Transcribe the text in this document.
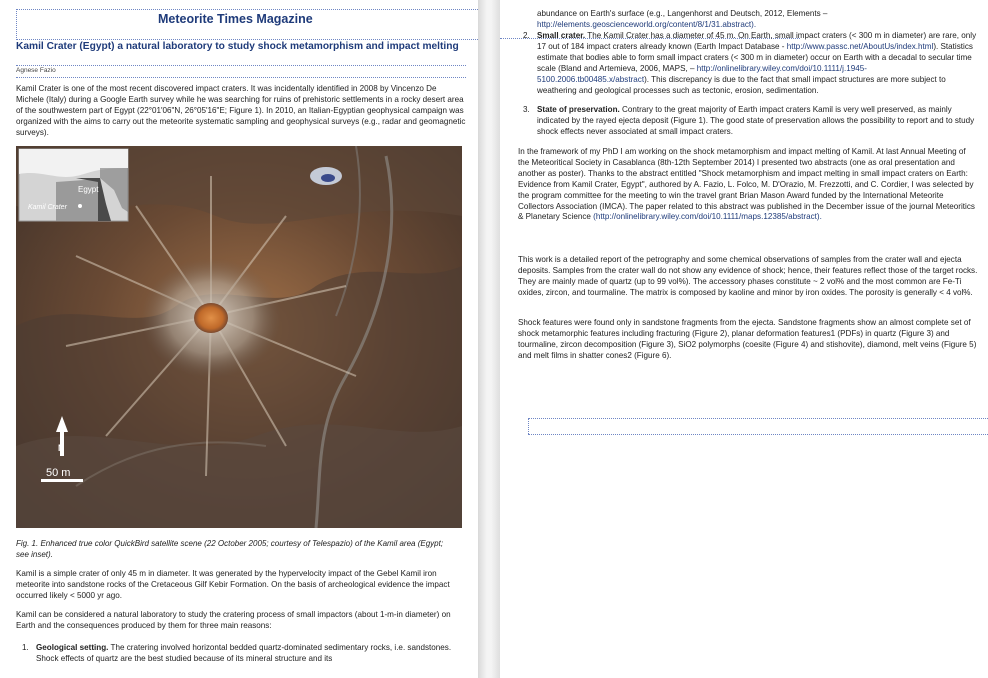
Meteorite Times Magazine
Kamil Crater (Egypt) a natural laboratory to study shock metamorphism and impact melting
Agnese Fazio

Kamil Crater is one of the most recent discovered impact craters. It was incidentally identified in 2008 by Vincenzo De Michele (Italy) during a Google Earth survey while he was searching for ruins of prehistoric settlements in a rocky desert area of the southwestern part of Egypt (22°01'06"N, 26°05'16"E; Figure 1). In 2010, an Italian-Egyptian geophysical campaign was organized with the aims to carry out the meteorite systematic sampling and geophysical surveys (e.g., radar and geomagnetic surveys).

Egypt
Kamil Crater
N
50 m
Fig. 1. Enhanced true color QuickBird satellite scene (22 October 2005; courtesy of Telespazio) of the Kamil area (Egypt; see inset).

Kamil is a simple crater of only 45 m in diameter. It was generated by the hypervelocity impact of the Gebel Kamil iron meteorite into sandstone rocks of the Cretaceous Gilf Kebir Formation. On the basis of archeological evidence the impact occurred likely < 5000 yr ago.

Kamil can be considered a natural laboratory to study the cratering process of small impactors (about 1-m-in diameter) on Earth and the consequences produced by them for three main reasons:

1. Geological setting. The cratering involved horizontal bedded quartz-dominated sedimentary rocks, i.e. sandstones. Shock effects of quartz are the best studied because of its mineral structure and its

abundance on Earth's surface (e.g., Langenhorst and Deutsch, 2012, Elements –
http://elements.geoscienceworld.org/content/8/1/31.abstract).

2. Small crater. The Kamil Crater has a diameter of 45 m. On Earth, small impact craters (< 300 m in diameter) are rare, only 17 out of 184 impact craters already known (Earth Impact Database - http://www.passc.net/AboutUs/index.html). Statistics estimate that bodies able to form small impact craters (< 300 m in diameter) occur on Earth with a decadal to secular time scale (Bland and Artemieva, 2006, MAPS, – http://onlinelibrary.wiley.com/doi/10.1111/j.1945-5100.2006.tb00485.x/abstract). This discrepancy is due to the fact that small impact structures are more subject to weathering and geological processes such as tectonic, erosion, sedimentation.

3. State of preservation. Contrary to the great majority of Earth impact craters Kamil is very well preserved, as mainly indicated by the rayed ejecta deposit (Figure 1). The good state of preservation allows the possibility to report and to study shock effects never associated at small impact craters.

In the framework of my PhD I am working on the shock metamorphism and impact melting of Kamil. At last Annual Meeting of the Meteoritical Society in Casablanca (8th-12th September 2014) I presented two abstracts (one as oral presentation and another as poster). Thanks to the abstract entitled "Shock metamorphism and impact melting in small impact craters on Earth: Evidence from Kamil Crater, Egypt", authored by A. Fazio, L. Folco, M. D'Orazio, M. Frezzotti, and C. Cordier, I was selected by the program committee for the meeting to win the travel grant Brian Mason Award funded by the International Meteorite Collectors Association (IMCA). The paper related to this abstract was published in the December issue of the journal Meteoritics & Planetary Science (http://onlinelibrary.wiley.com/doi/10.1111/maps.12385/abstract).

This work is a detailed report of the petrography and some chemical observations of samples from the crater wall and ejecta deposits. Samples from the crater wall do not show any evidence of shock; hence, their features reflect those of the target rocks. They are mainly made of quartz (up to 99 vol%). The accessory phases constitute ~ 2 vol% and the most common are Fe-Ti oxides, zircon, and tourmaline. The matrix is composed by kaoline and minor by iron oxides. The porosity is generally < 4 vol%.

Shock features were found only in sandstone fragments from the ejecta. Sandstone fragments show an almost complete set of shock metamorphic features including fracturing (Figure 2), planar deformation features1 (PDFs) in quartz (Figure 3) and tourmaline, zircon decomposition (Figure 3), SiO2 polymorphs (coesite (Figure 4) and stishovite), diamond, melt veins (Figure 5) and melt films in shatter cones2 (Figure 6).
